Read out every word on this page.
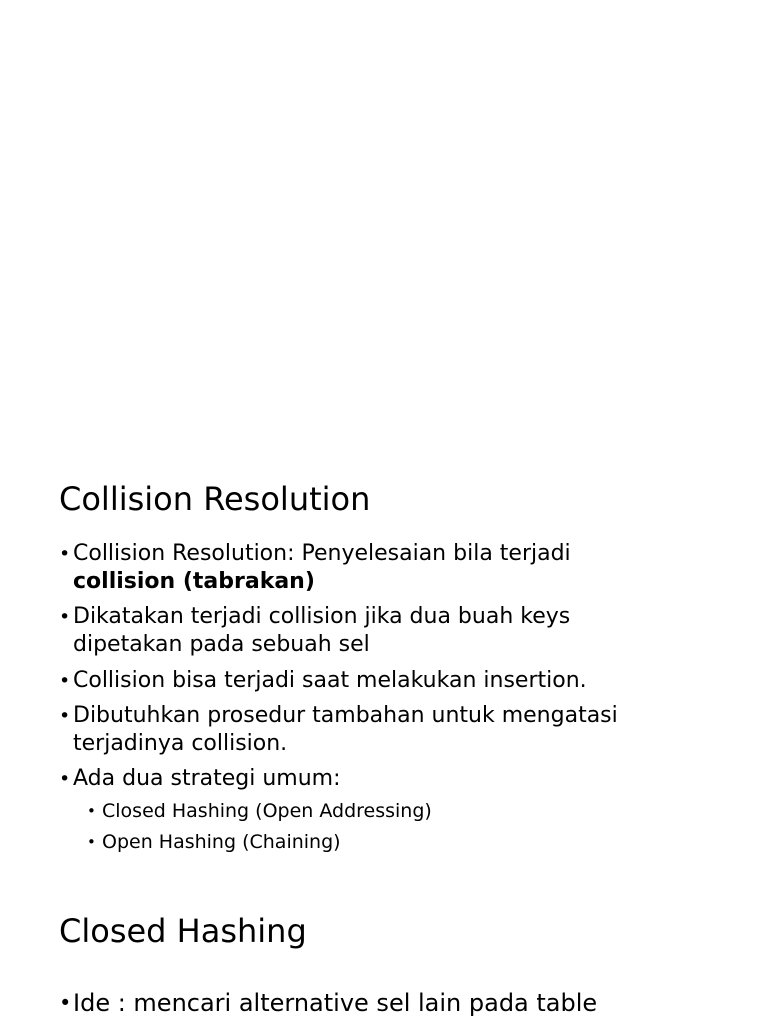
Collision Resolution
• Collision Resolution: Penyelesaian bila terjadi
collision (tabrakan)
• Dikatakan terjadi collision jika dua buah keys
dipetakan pada sebuah sel
• Collision bisa terjadi saat melakukan insertion.
• Dibutuhkan prosedur tambahan untuk mengatasi
terjadinya collision.
• Ada dua strategi umum:
• Closed Hashing (Open Addressing)
• Open Hashing (Chaining)
Closed Hashing
• Ide : mencari alternative sel lain pada table
